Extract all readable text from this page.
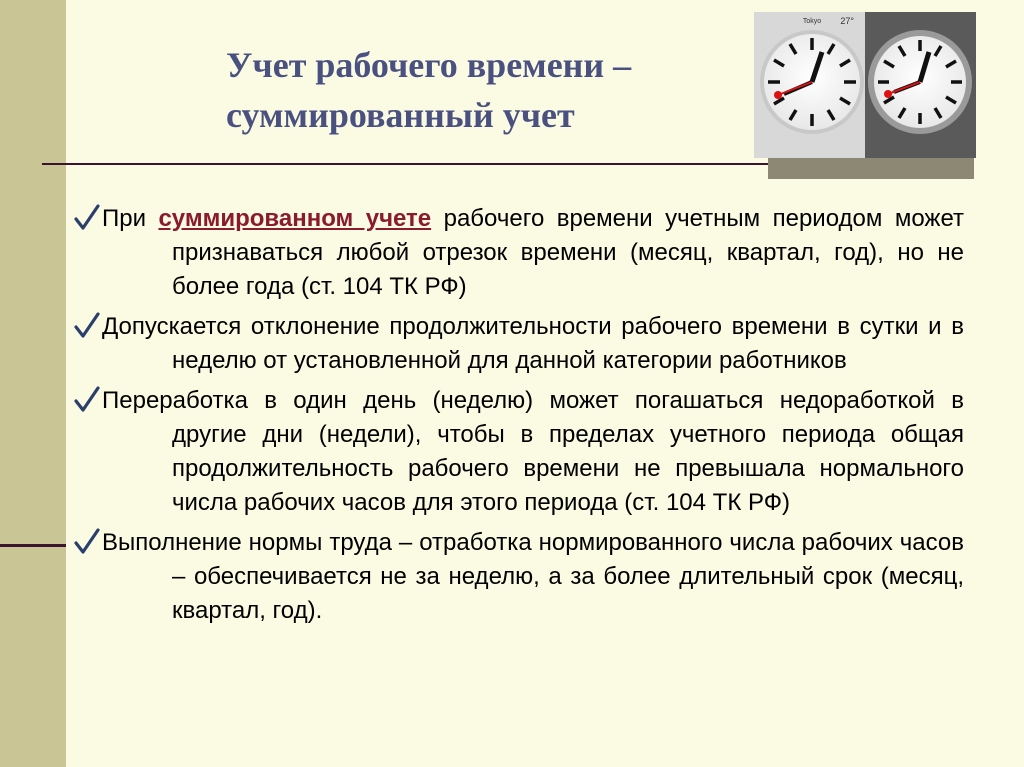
Учет рабочего времени –
суммированный учет
Tokyo 27°
При суммированном учете рабочего времени учетным периодом может признаваться любой отрезок времени (месяц, квартал, год), но не более года (ст. 104 ТК РФ)
Допускается отклонение продолжительности рабочего времени в сутки и в неделю от установленной для данной категории работников
Переработка в один день (неделю) может погашаться недоработкой в другие дни (недели), чтобы в пределах учетного периода общая продолжительность рабочего времени не превышала нормального числа рабочих часов для этого периода (ст. 104 ТК РФ)
Выполнение нормы труда – отработка нормированного числа рабочих часов – обеспечивается не за неделю, а за более длительный срок (месяц, квартал, год).
